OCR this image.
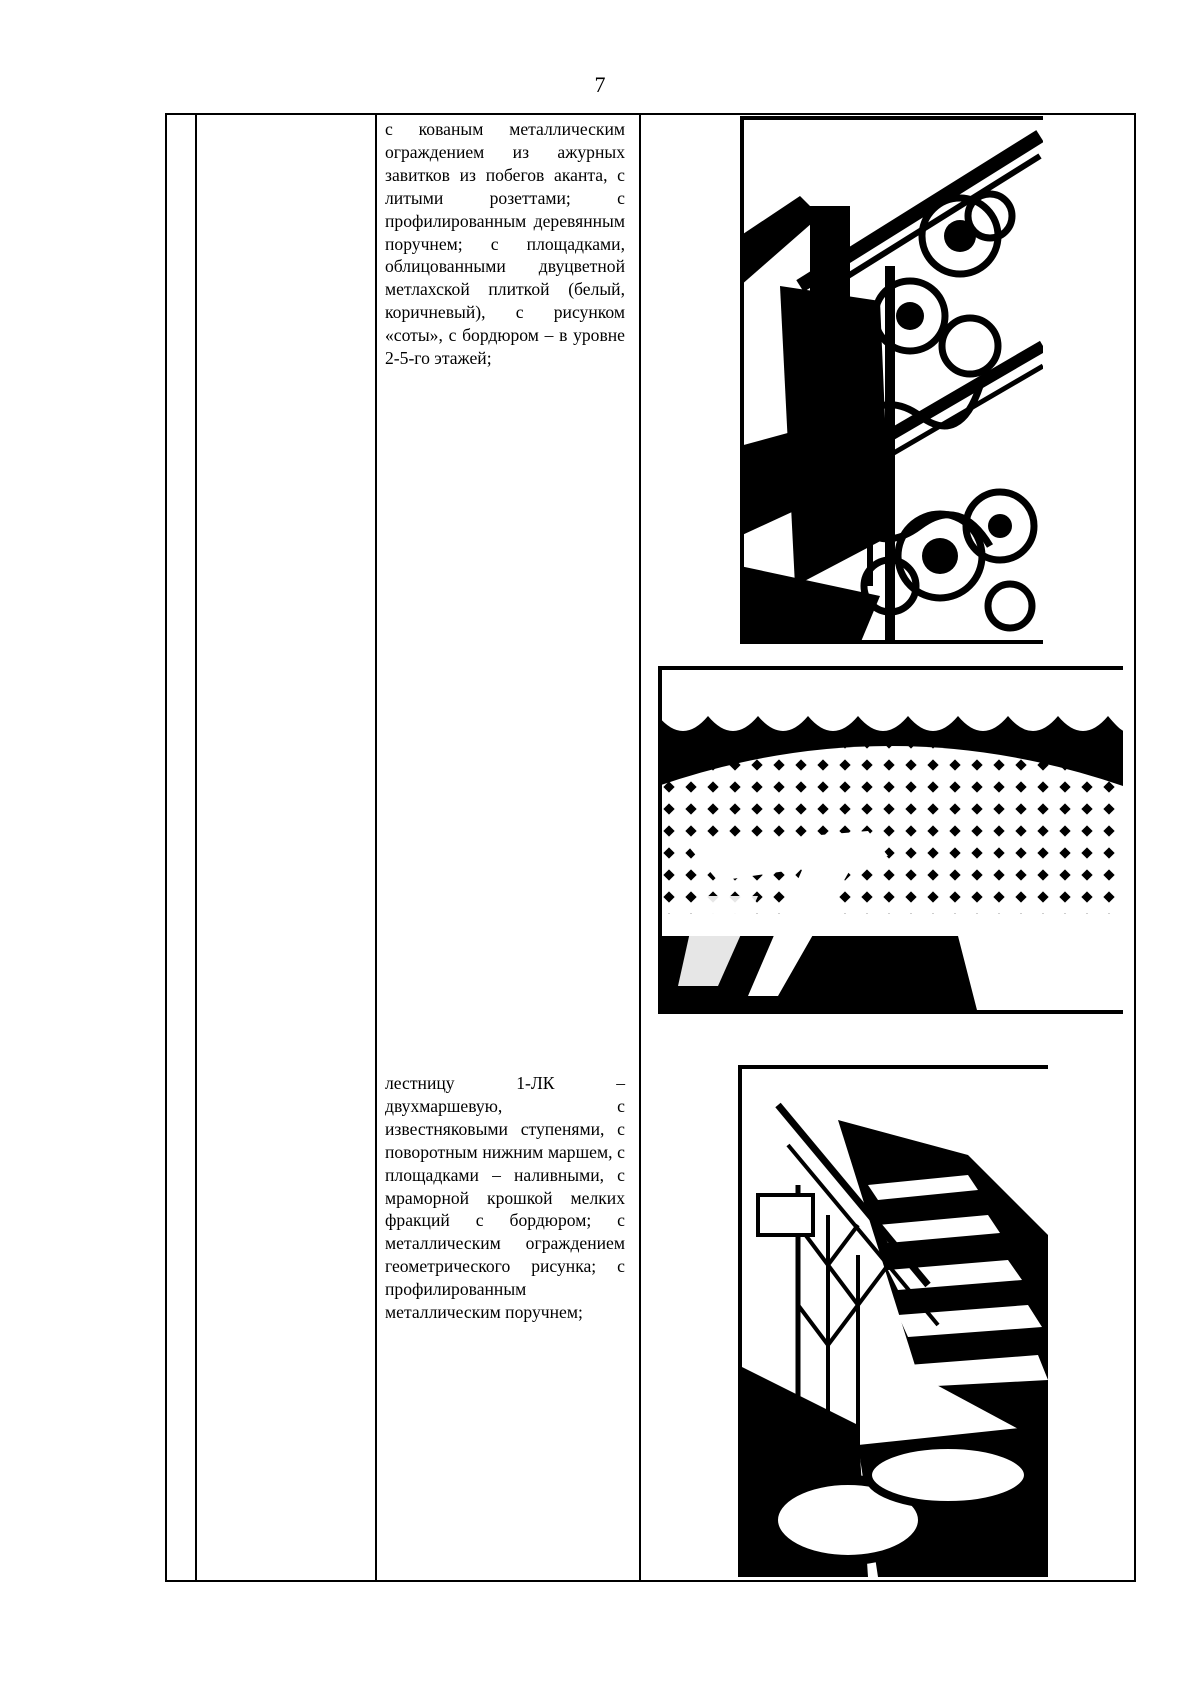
7
с кованым металлическим ограждением из ажурных завитков из побегов аканта, с литыми розеттами; с профилированным деревянным поручнем; с площадками, облицованными двуцветной метлахской плиткой (белый, коричневый), с рисунком «соты», с бордюром – в уровне 2-5-го этажей;
лестницу 1-ЛК – двухмаршевую, с известняковыми ступенями, с поворотным нижним маршем, с площадками – наливными, с мраморной крошкой мелких фракций с бордюром; с металлическим ограждением геометрического рисунка; с профилированным металлическим поручнем;
